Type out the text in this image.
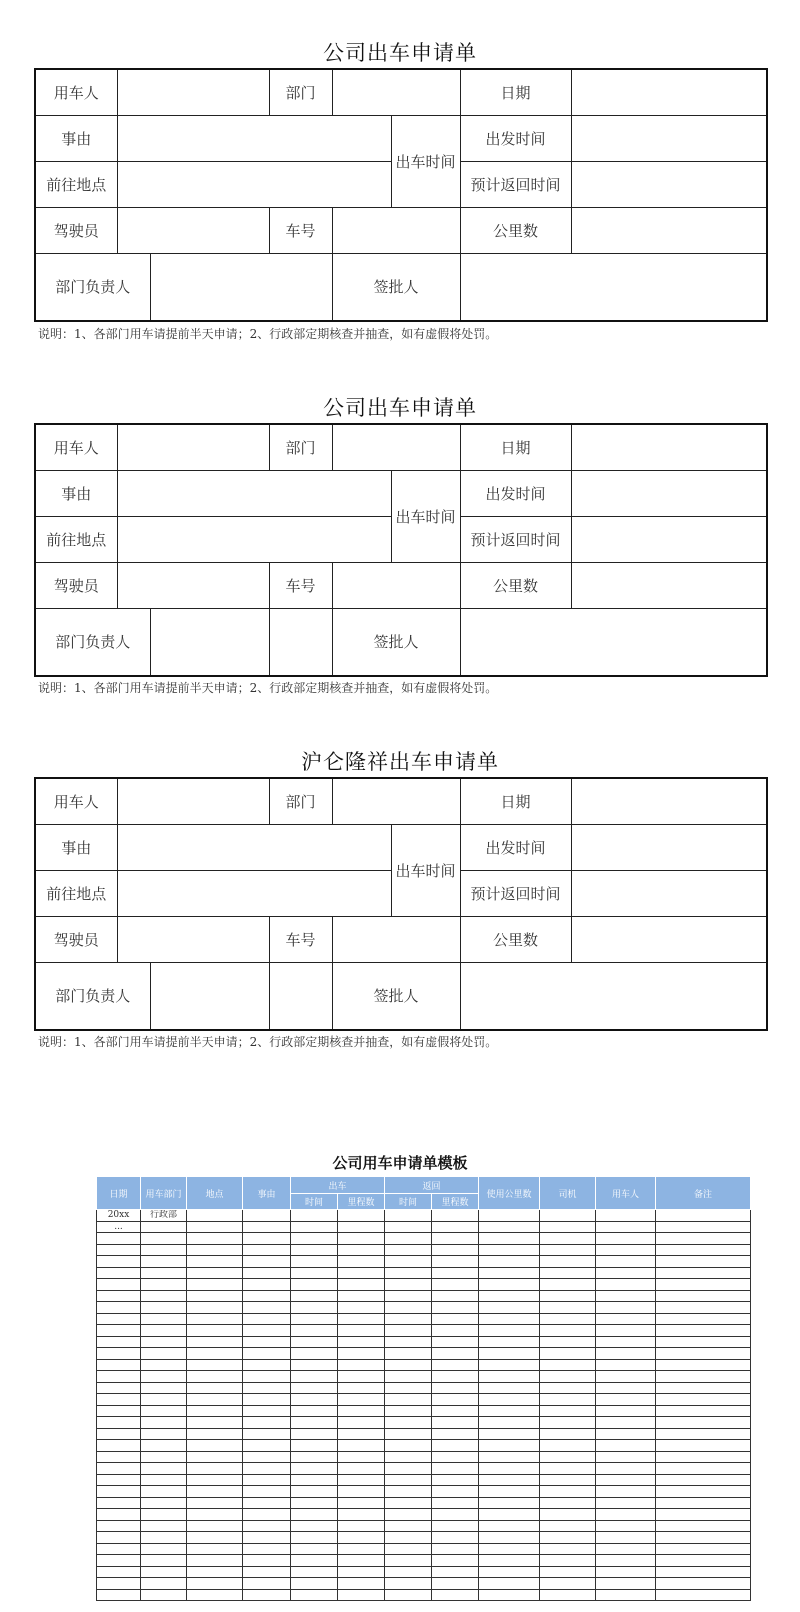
公司出车申请单
用车人			部门			日期	
事由					出车时间	出发时间	
前往地点						预计返回时间	
驾驶员			车号			公里数	
部门负责人				签批人			
说明：1、各部门用车请提前半天申请；2、行政部定期核查并抽查，如有虚假将处罚。
公司出车申请单
用车人			部门			日期	
事由					出车时间	出发时间	
前往地点						预计返回时间	
驾驶员			车号			公里数	
部门负责人				签批人			
说明：1、各部门用车请提前半天申请；2、行政部定期核查并抽查，如有虚假将处罚。
沪仑隆祥出车申请单
用车人			部门			日期	
事由					出车时间	出发时间	
前往地点						预计返回时间	
驾驶员			车号			公里数	
部门负责人				签批人			
说明：1、各部门用车请提前半天申请；2、行政部定期核查并抽查，如有虚假将处罚。
公司用车申请单模板
日期	用车部门	地点	事由	出车		返回		使用公里数	司机	用车人	备注
				时间	里程数	时间	里程数				
20xx	行政部										
...											
